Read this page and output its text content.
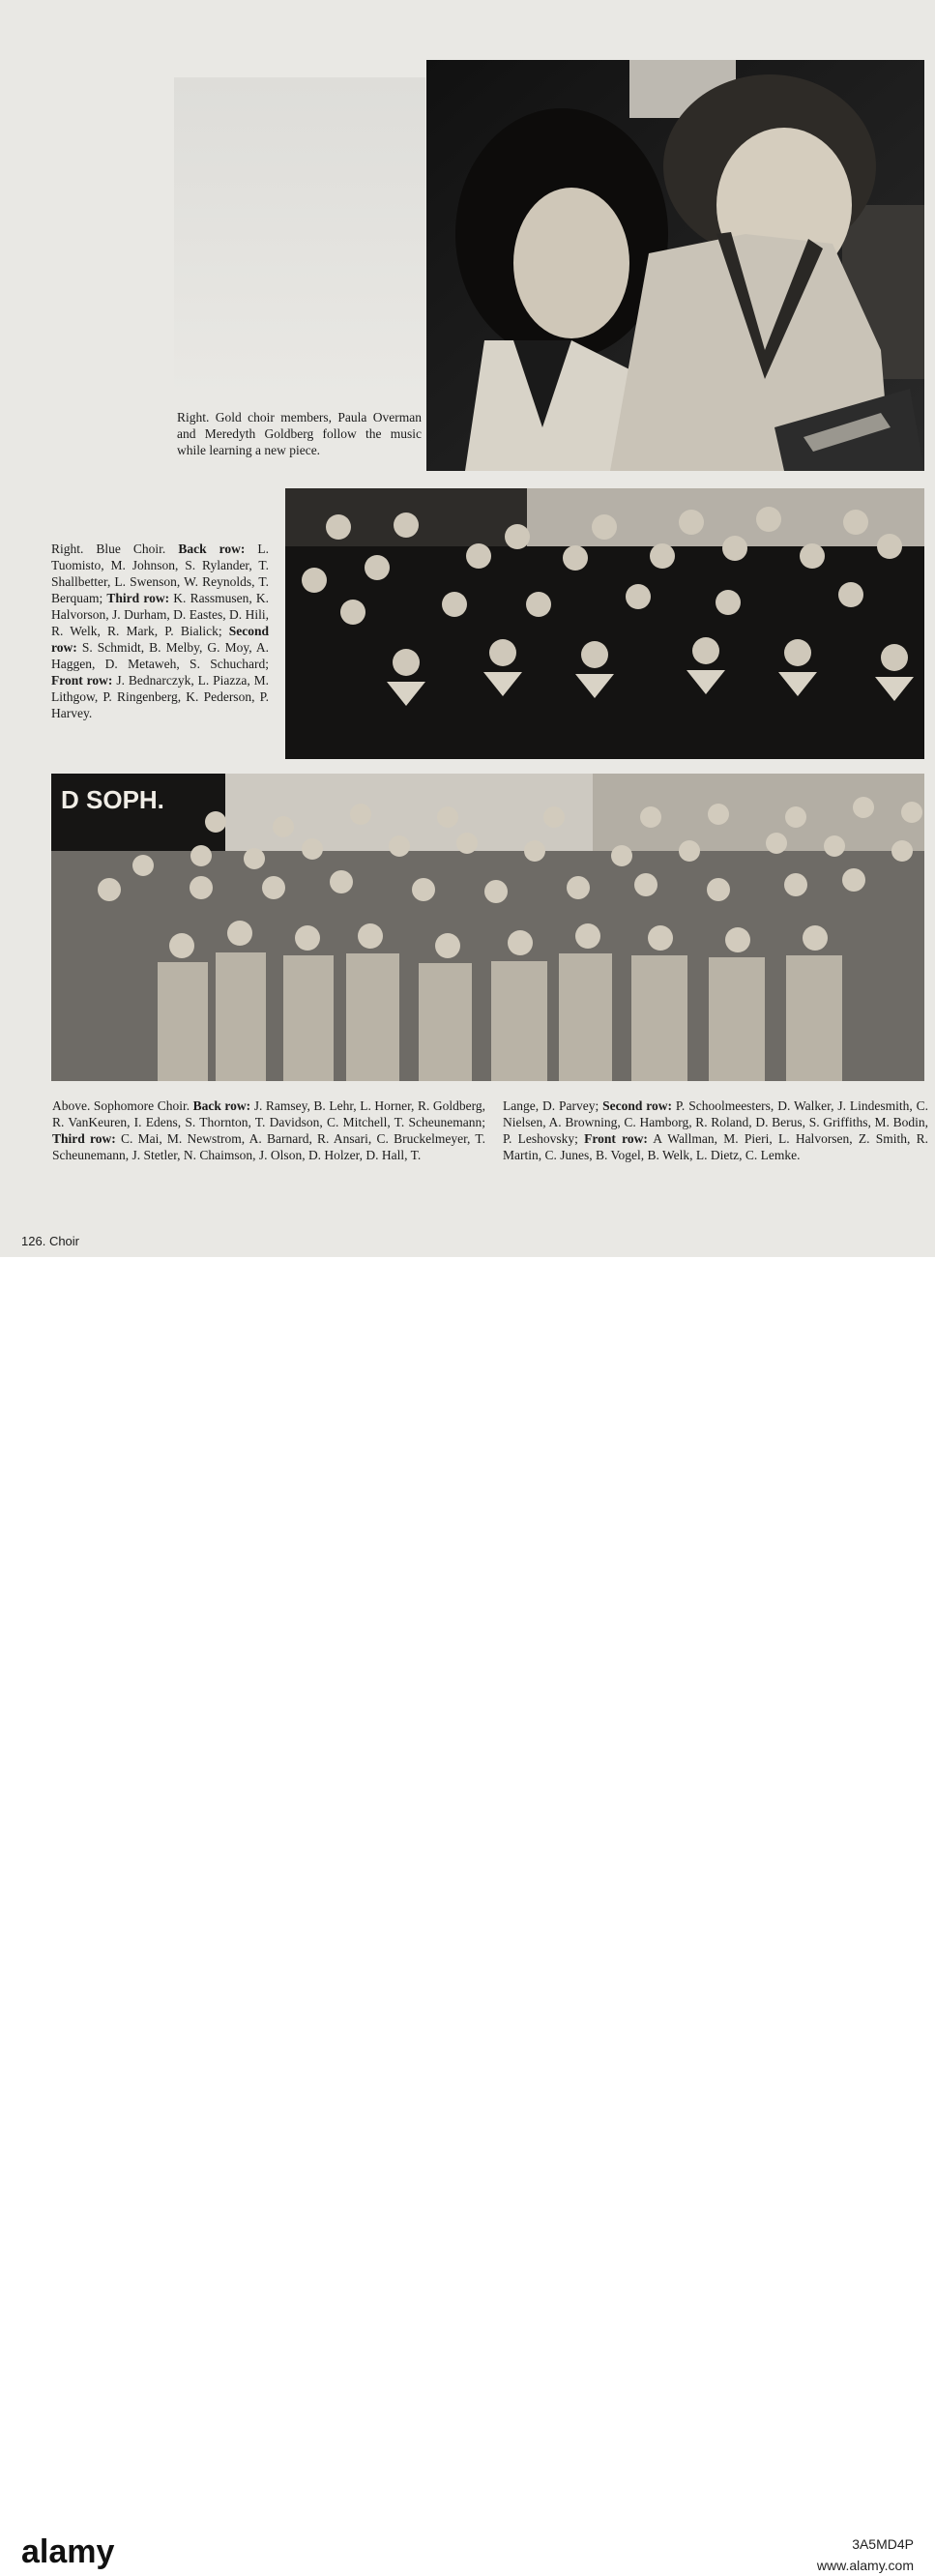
Right. Gold choir members, Paula Overman and Meredyth Goldberg follow the music while learning a new piece.
Right. Blue Choir. Back row: L. Tuomisto, M. Johnson, S. Rylander, T. Shallbetter, L. Swenson, W. Reynolds, T. Berquam; Third row: K. Rassmusen, K. Halvorson, J. Durham, D. Eastes, D. Hili, R. Welk, R. Mark, P. Bialick; Second row: S. Schmidt, B. Melby, G. Moy, A. Haggen, D. Metaweh, S. Schuchard; Front row: J. Bednarczyk, L. Piazza, M. Lithgow, P. Ringenberg, K. Pederson, P. Harvey.
D SOPH.
Above. Sophomore Choir. Back row: J. Ramsey, B. Lehr, L. Horner, R. Goldberg, R. VanKeuren, I. Edens, S. Thornton, T. Davidson, C. Mitchell, T. Scheunemann; Third row: C. Mai, M. Newstrom, A. Barnard, R. Ansari, C. Bruckelmeyer, T. Scheunemann, J. Stetler, N. Chaimson, J. Olson, D. Holzer, D. Hall, T.
Lange, D. Parvey; Second row: P. Schoolmeesters, D. Walker, J. Lindesmith, C. Nielsen, A. Browning, C. Hamborg, R. Roland, D. Berus, S. Griffiths, M. Bodin, P. Leshovsky; Front row: A Wallman, M. Pieri, L. Halvorsen, Z. Smith, R. Martin, C. Junes, B. Vogel, B. Welk, L. Dietz, C. Lemke.
126. Choir
alamy	3A5MD4P
www.alamy.com
